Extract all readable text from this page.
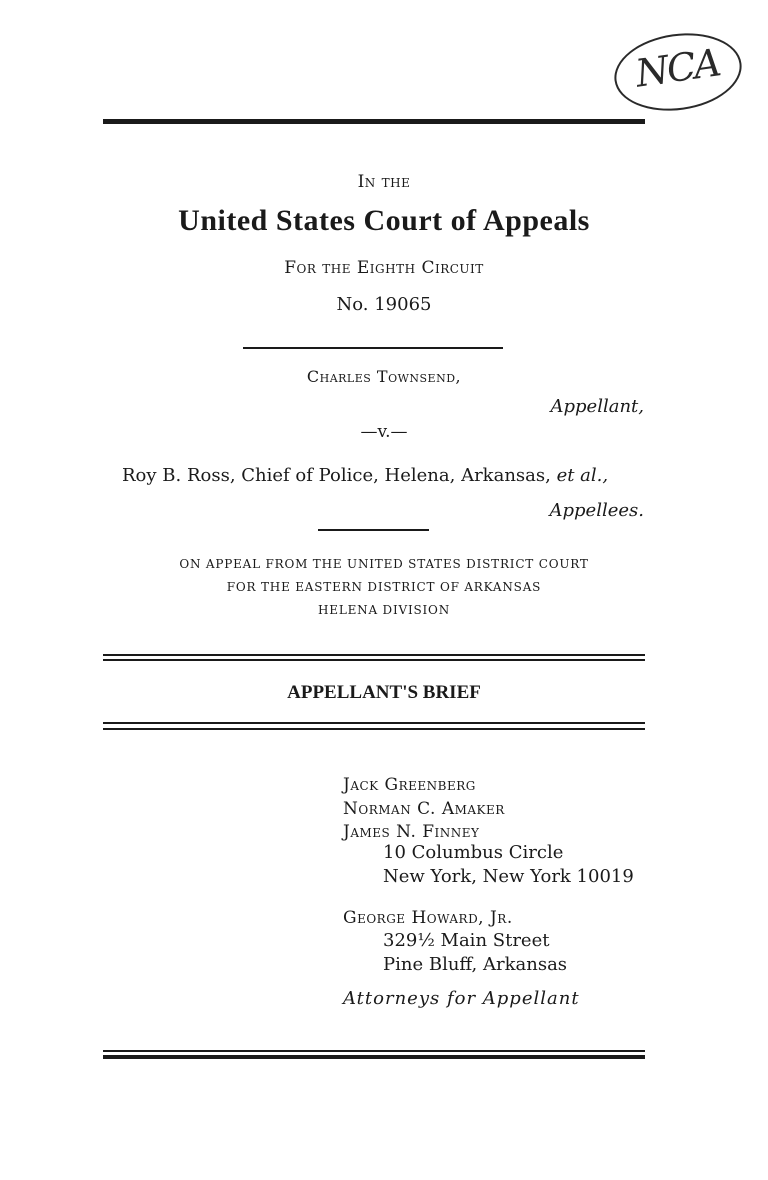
NCA
In the
United States Court of Appeals
For the Eighth Circuit
No. 19065
Charles Townsend,
Appellant,
—v.—
Roy B. Ross, Chief of Police, Helena, Arkansas, et al.,
Appellees.
ON APPEAL FROM THE UNITED STATES DISTRICT COURT
FOR THE EASTERN DISTRICT OF ARKANSAS
HELENA DIVISION
APPELLANT'S BRIEF
Jack Greenberg
Norman C. Amaker
James N. Finney
10 Columbus Circle
New York, New York 10019
George Howard, Jr.
329½ Main Street
Pine Bluff, Arkansas
Attorneys for Appellant
